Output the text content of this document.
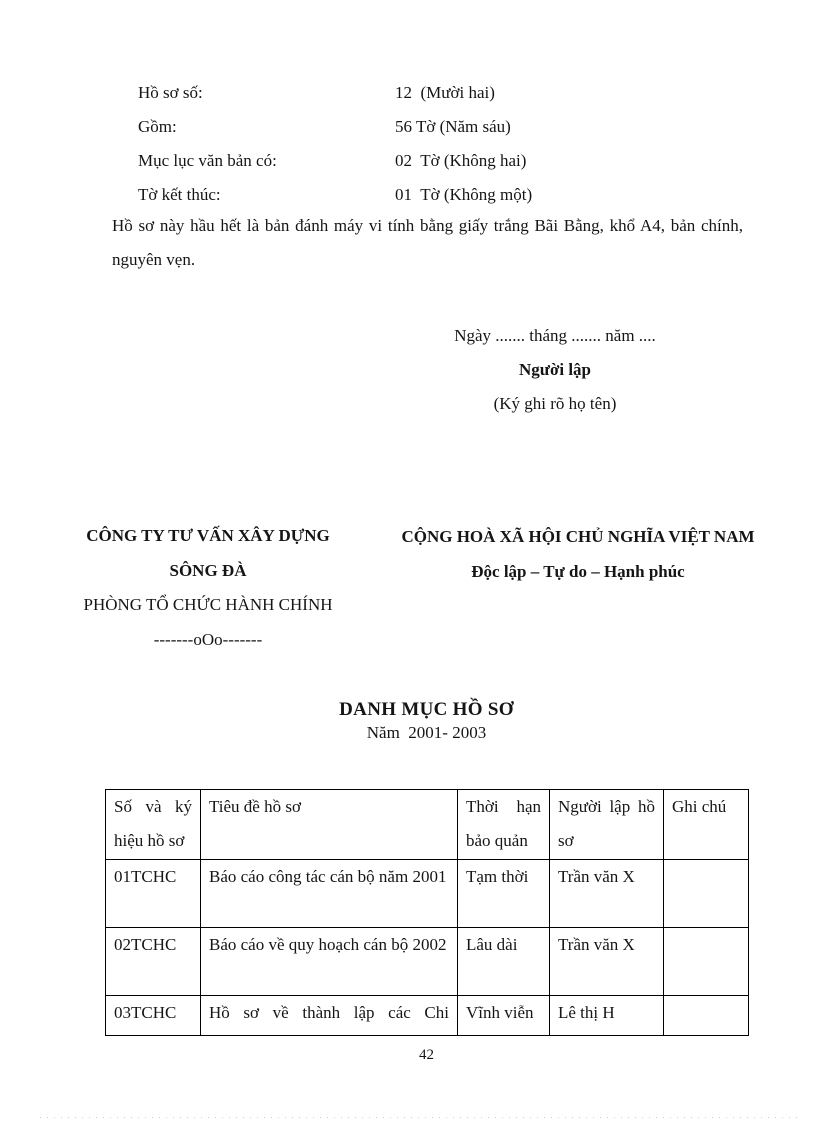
Hồ sơ số:	12  (Mười hai)
Gồm:	56 Tờ (Năm sáu)
Mục lục văn bản có:	02  Tờ (Không hai)
Tờ kết thúc:	01  Tờ (Không một)

Hồ sơ này hầu hết là bản đánh máy vi tính bằng giấy trắng Bãi Bằng, khổ A4, bản chính, nguyên vẹn.

Ngày ....... tháng ....... năm ....
Người lập
(Ký ghi rõ họ tên)
CÔNG TY TƯ VẤN XÂY DỰNG
SÔNG ĐÀ
PHÒNG TỔ CHỨC HÀNH CHÍNH
-------oOo-------
CỘNG HOÀ XÃ HỘI CHỦ NGHĨA VIỆT NAM
Độc lập – Tự do – Hạnh phúc
DANH MỤC HỒ SƠ
Năm  2001- 2003
Số và ký hiệu hồ sơ	Tiêu đề hồ sơ	Thời hạn bảo quản	Người lập hồ sơ	Ghi chú
01TCHC	Báo cáo công tác cán bộ năm 2001	Tạm thời	Trần văn X	
02TCHC	Báo cáo về quy hoạch cán bộ 2002	Lâu dài	Trần văn X	
03TCHC	Hồ sơ về thành lập các Chi	Vĩnh viễn	Lê thị H	
42
